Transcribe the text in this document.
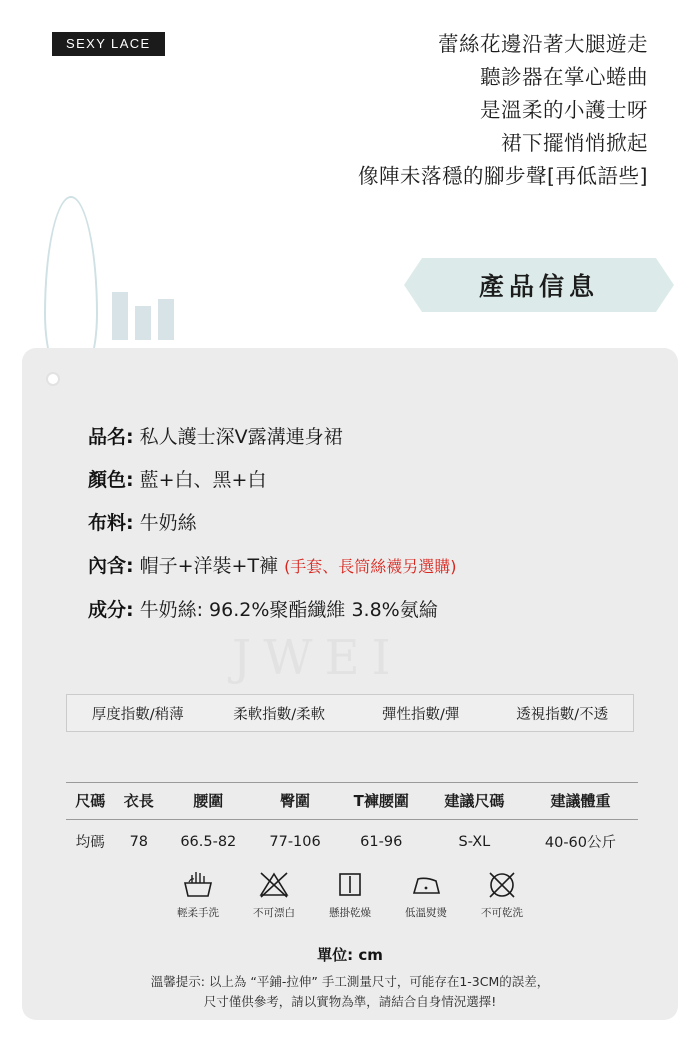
SEXY LACE	蕾絲花邊沿著大腿遊走
聽診器在掌心蜷曲
是溫柔的小護士呀
裙下擺悄悄掀起
像陣未落穩的腳步聲[再低語些]
產品信息
JWEI
品名: 私人護士深V露溝連身裙
顏色: 藍+白、黑+白
布料: 牛奶絲
內含: 帽子+洋裝+T褲 (手套、長筒絲襪另選購)
成分: 牛奶絲: 96.2%聚酯纖維 3.8%氨綸
厚度指數/稍薄	柔軟指數/柔軟	彈性指數/彈	透視指數/不透
尺碼	衣長	腰圍	臀圍	T褲腰圍	建議尺碼	建議體重
均碼	78	66.5-82	77-106	61-96	S-XL	40-60公斤
輕柔手洗	不可漂白	懸掛乾燥	低溫熨燙	不可乾洗
單位: cm
溫馨提示: 以上為 “平鋪-拉伸” 手工測量尺寸，可能存在1-3CM的誤差，
尺寸僅供參考，請以實物為準，請結合自身情況選擇!
